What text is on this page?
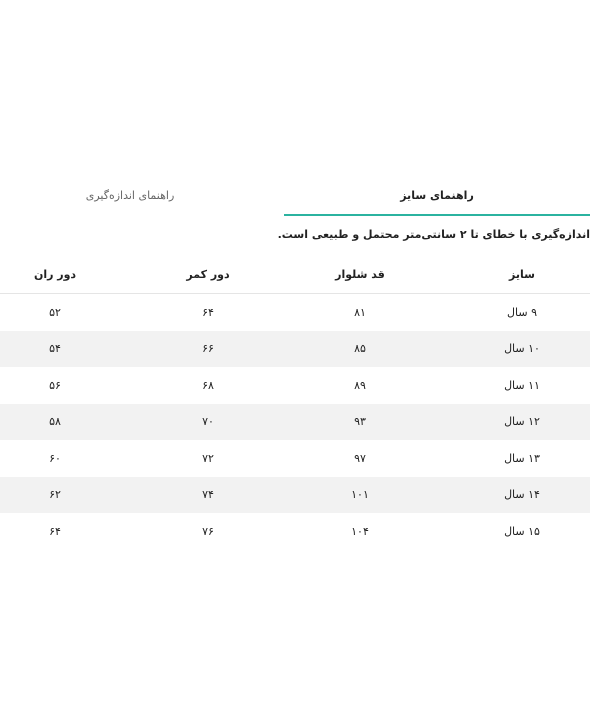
راهنمای سایز
راهنمای اندازه‌گیری
اندازه‌گیری با خطای تا ۲ سانتی‌متر محتمل و طبیعی است.
سایز
قد شلوار
دور کمر
دور ران
۹ سال
۸۱
۶۴
۵۲
۱۰ سال
۸۵
۶۶
۵۴
۱۱ سال
۸۹
۶۸
۵۶
۱۲ سال
۹۳
۷۰
۵۸
۱۳ سال
۹۷
۷۲
۶۰
۱۴ سال
۱۰۱
۷۴
۶۲
۱۵ سال
۱۰۴
۷۶
۶۴
